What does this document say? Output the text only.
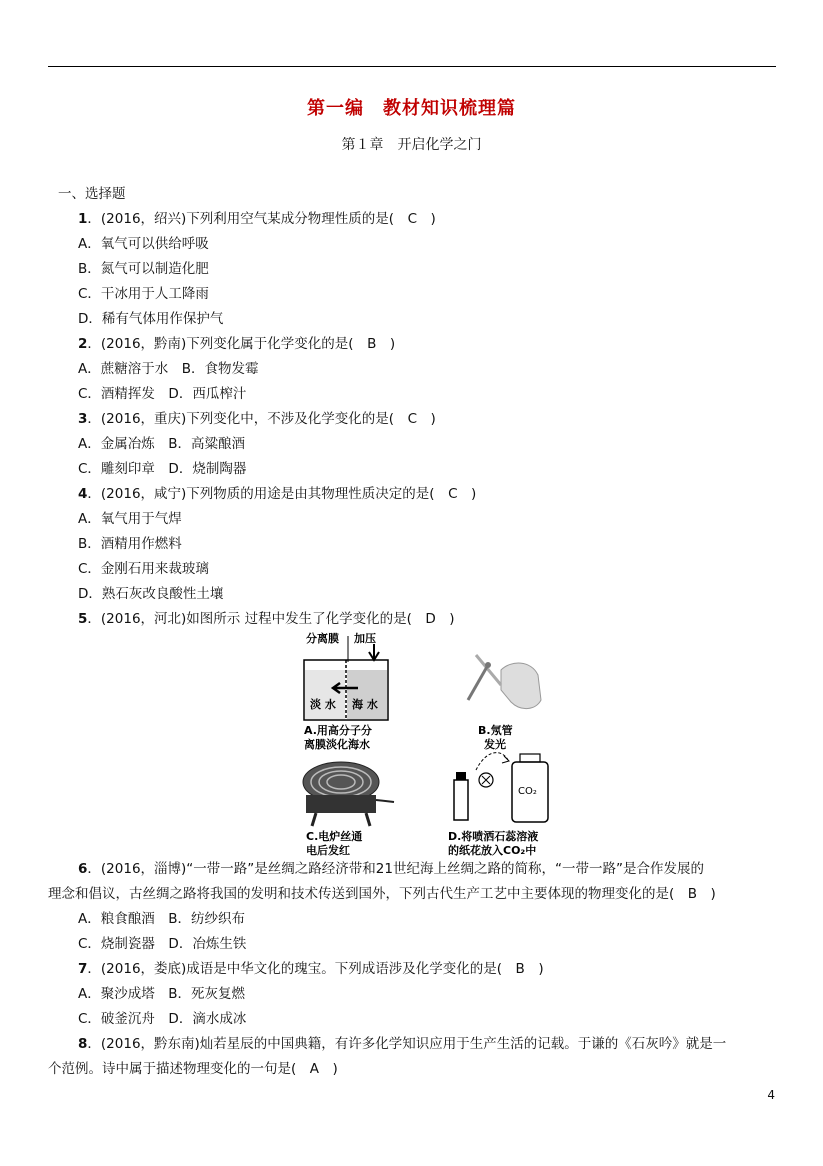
第一编　教材知识梳理篇
第１章　开启化学之门
一、选择题
1．(2016，绍兴)下列利用空气某成分物理性质的是(　C　)
A．氧气可以供给呼吸
B．氮气可以制造化肥
C．干冰用于人工降雨
D．稀有气体用作保护气
2．(2016，黔南)下列变化属于化学变化的是(　B　)
A．蔗糖溶于水　B．食物发霉
C．酒精挥发　D．西瓜榨汁
3．(2016，重庆)下列变化中，不涉及化学变化的是(　C　)
A．金属冶炼　B．高粱酿酒
C．雕刻印章　D．烧制陶器
4．(2016，咸宁)下列物质的用途是由其物理性质决定的是(　C　)
A．氧气用于气焊
B．酒精用作燃料
C．金刚石用来裁玻璃
D．熟石灰改良酸性土壤
5．(2016，河北)如图所示 过程中发生了化学变化的是(　D　)
分离膜 加压
淡 水 海 水
A.用高分子分
离膜淡化海水
B.氖管
发光
C.电炉丝通
电后发红
CO₂
D.将喷洒石蕊溶液
的纸花放入CO₂中
6．(2016，淄博)“一带一路”是丝绸之路经济带和21世纪海上丝绸之路的简称，“一带一路”是合作发展的
理念和倡议，古丝绸之路将我国的发明和技术传送到国外，下列古代生产工艺中主要体现的物理变化的是(　B　)
A．粮食酿酒　B．纺纱织布
C．烧制瓷器　D．冶炼生铁
7．(2016，娄底)成语是中华文化的瑰宝。下列成语涉及化学变化的是(　B　)
A．聚沙成塔　B．死灰复燃
C．破釜沉舟　D．滴水成冰
8．(2016，黔东南)灿若星辰的中国典籍，有许多化学知识应用于生产生活的记载。于谦的《石灰吟》就是一
个范例。诗中属于描述物理变化的一句是(　A　)
4
